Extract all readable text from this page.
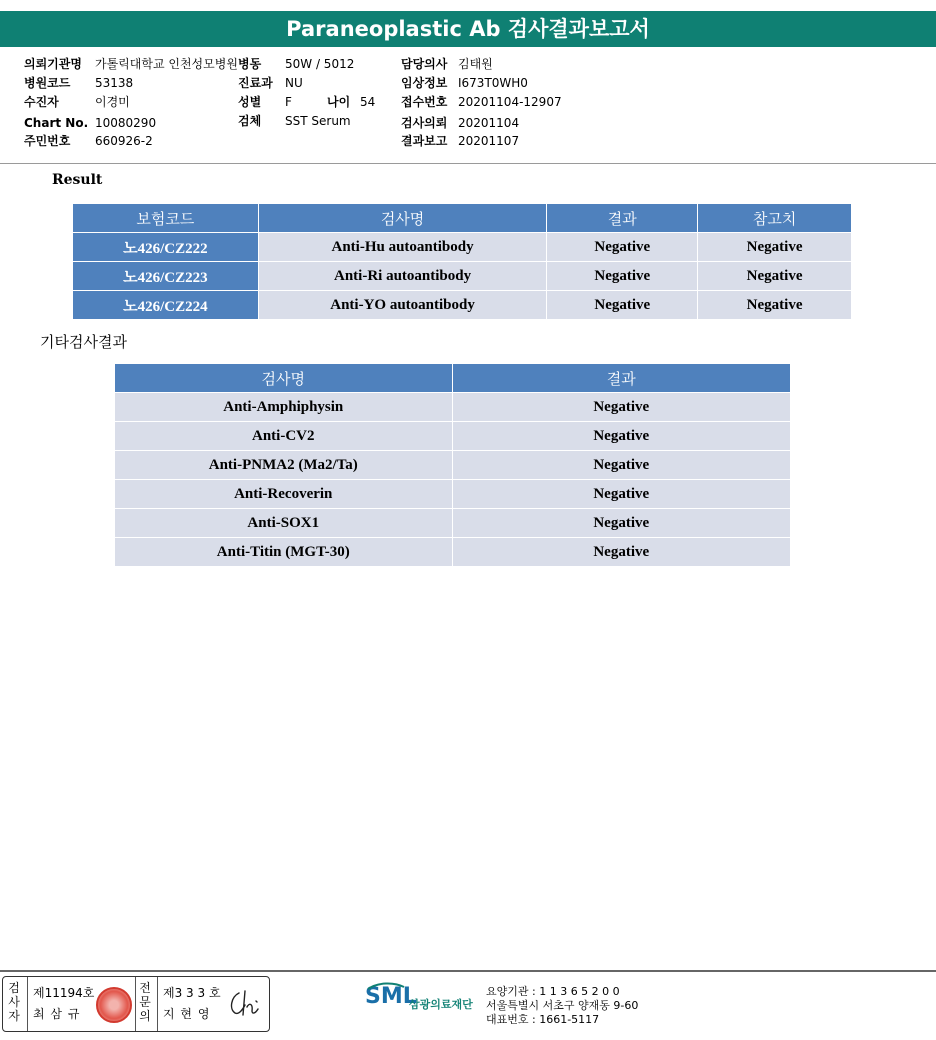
Paraneoplastic Ab 검사결과보고서
의뢰기관명 가톨릭대학교 인천성모병원 병동 50W / 5012	담당의사 김태원
병원코드 53138	진료과 NU	임상정보 I673T0WH0
수진자	이경미	성별 F	나이 54 접수번호 20201104-12907
Chart No. 10080290	검체 SST Serum	검사의뢰 20201104
주민번호 660926-2	결과보고 20201107
Result
보험코드	검사명	결과	참고치
노426/CZ222	Anti-Hu autoantibody	Negative	Negative
노426/CZ223	Anti-Ri autoantibody	Negative	Negative
노426/CZ224	Anti-YO autoantibody	Negative	Negative
기타검사결과
검사명	결과
Anti-Amphiphysin	Negative
Anti-CV2	Negative
Anti-PNMA2 (Ma2/Ta)	Negative
Anti-Recoverin	Negative
Anti-SOX1	Negative
Anti-Titin (MGT-30)	Negative
검
사
자
제11194호
최 삼 규
전
문
의
제3 3 3 호
지 현 영
SML
삼광의료재단
요양기관 : 1 1 3 6 5 2 0 0
서울특별시 서초구 양재동 9-60
대표번호 : 1661-5117
